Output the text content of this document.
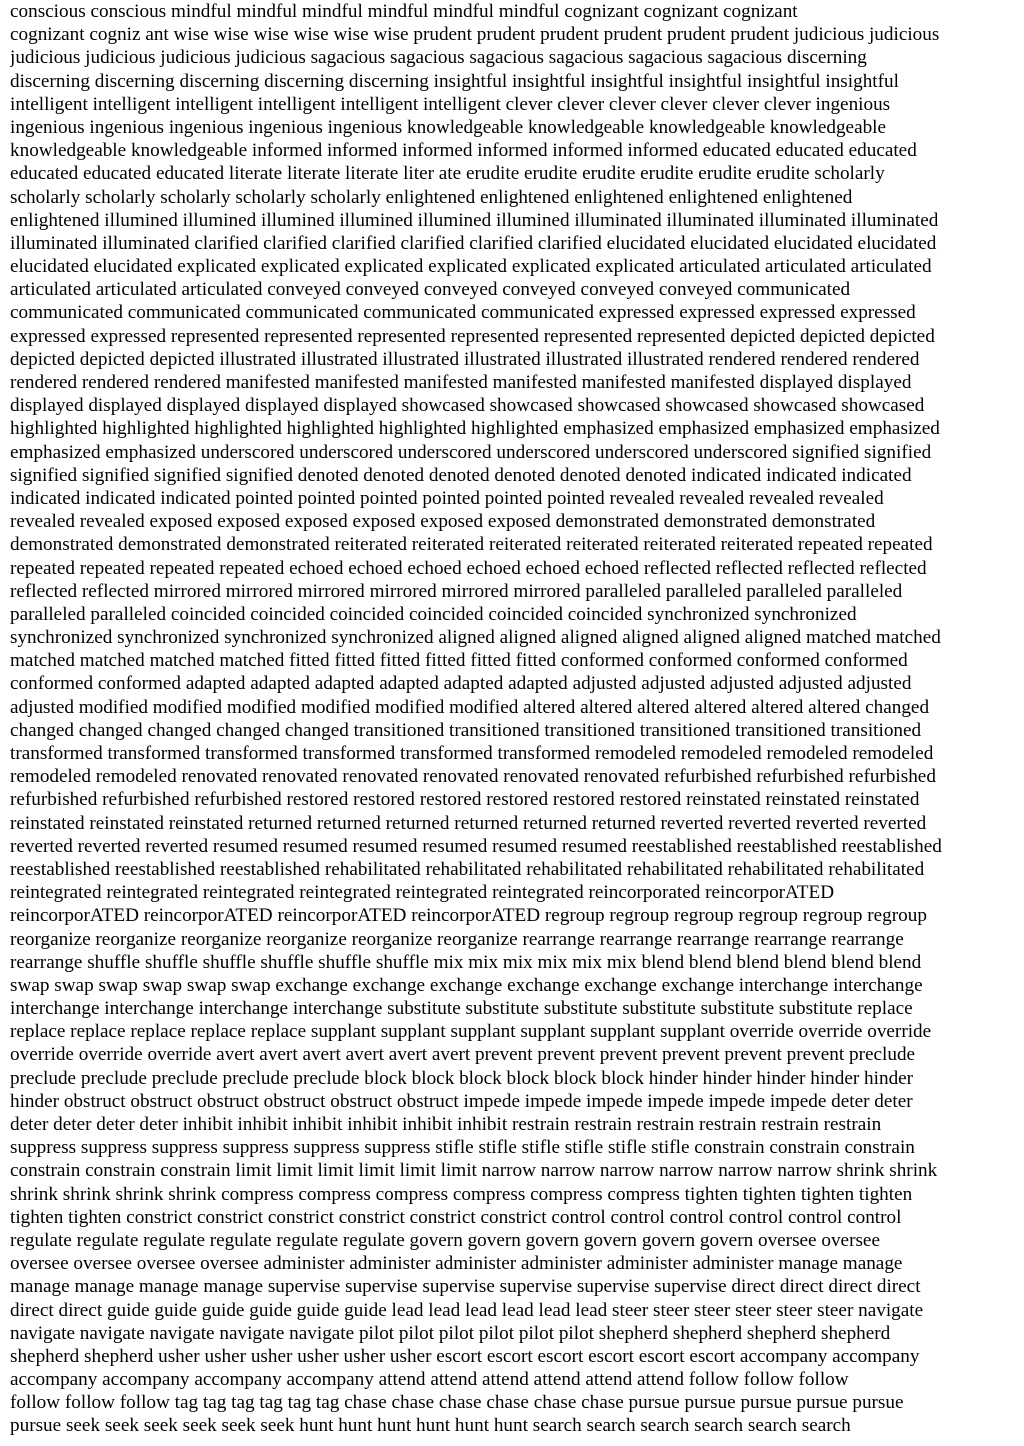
conscious conscious mindful mindful mindful mindful mindful mindful cognizant cognizant cognizant
cognizant cogniz ant wise wise wise wise wise wise prudent prudent prudent prudent prudent prudent judicious judicious
judicious judicious judicious judicious sagacious sagacious sagacious sagacious sagacious sagacious discerning
discerning discerning discerning discerning discerning insightful insightful insightful insightful insightful insightful
intelligent intelligent intelligent intelligent intelligent intelligent clever clever clever clever clever clever ingenious
ingenious ingenious ingenious ingenious ingenious knowledgeable knowledgeable knowledgeable knowledgeable
knowledgeable knowledgeable informed informed informed informed informed informed educated educated educated
educated educated educated literate literate literate liter ate erudite erudite erudite erudite erudite erudite scholarly
scholarly scholarly scholarly scholarly scholarly enlightened enlightened enlightened enlightened enlightened
enlightened illumined illumined illumined illumined illumined illumined illuminated illuminated illuminated illuminated
illuminated illuminated clarified clarified clarified clarified clarified clarified elucidated elucidated elucidated elucidated
elucidated elucidated explicated explicated explicated explicated explicated explicated articulated articulated articulated
articulated articulated articulated conveyed conveyed conveyed conveyed conveyed conveyed communicated
communicated communicated communicated communicated communicated expressed expressed expressed expressed
expressed expressed represented represented represented represented represented represented depicted depicted depicted
depicted depicted depicted illustrated illustrated illustrated illustrated illustrated illustrated rendered rendered rendered
rendered rendered rendered manifested manifested manifested manifested manifested manifested displayed displayed
displayed displayed displayed displayed displayed showcased showcased showcased showcased showcased showcased
highlighted highlighted highlighted highlighted highlighted highlighted emphasized emphasized emphasized emphasized
emphasized emphasized underscored underscored underscored underscored underscored underscored signified signified
signified signified signified signified denoted denoted denoted denoted denoted denoted indicated indicated indicated
indicated indicated indicated pointed pointed pointed pointed pointed pointed revealed revealed revealed revealed
revealed revealed exposed exposed exposed exposed exposed exposed demonstrated demonstrated demonstrated
demonstrated demonstrated demonstrated reiterated reiterated reiterated reiterated reiterated reiterated repeated repeated
repeated repeated repeated repeated echoed echoed echoed echoed echoed echoed reflected reflected reflected reflected
reflected reflected mirrored mirrored mirrored mirrored mirrored mirrored paralleled paralleled paralleled paralleled
paralleled paralleled coincided coincided coincided coincided coincided coincided synchronized synchronized
synchronized synchronized synchronized synchronized aligned aligned aligned aligned aligned aligned matched matched
matched matched matched matched fitted fitted fitted fitted fitted fitted conformed conformed conformed conformed
conformed conformed adapted adapted adapted adapted adapted adapted adjusted adjusted adjusted adjusted adjusted
adjusted modified modified modified modified modified modified altered altered altered altered altered altered changed
changed changed changed changed changed transitioned transitioned transitioned transitioned transitioned transitioned
transformed transformed transformed transformed transformed transformed remodeled remodeled remodeled remodeled
remodeled remodeled renovated renovated renovated renovated renovated renovated refurbished refurbished refurbished
refurbished refurbished refurbished restored restored restored restored restored restored reinstated reinstated reinstated
reinstated reinstated reinstated returned returned returned returned returned returned reverted reverted reverted reverted
reverted reverted reverted resumed resumed resumed resumed resumed resumed reestablished reestablished reestablished
reestablished reestablished reestablished rehabilitated rehabilitated rehabilitated rehabilitated rehabilitated rehabilitated
reintegrated reintegrated reintegrated reintegrated reintegrated reintegrated reincorporated reincorporATED
reincorporATED reincorporATED reincorporATED reincorporATED regroup regroup regroup regroup regroup regroup
reorganize reorganize reorganize reorganize reorganize reorganize rearrange rearrange rearrange rearrange rearrange
rearrange shuffle shuffle shuffle shuffle shuffle shuffle mix mix mix mix mix mix blend blend blend blend blend blend
swap swap swap swap swap swap exchange exchange exchange exchange exchange exchange interchange interchange
interchange interchange interchange interchange substitute substitute substitute substitute substitute substitute replace
replace replace replace replace replace supplant supplant supplant supplant supplant supplant override override override
override override override avert avert avert avert avert avert prevent prevent prevent prevent prevent prevent preclude
preclude preclude preclude preclude preclude block block block block block block hinder hinder hinder hinder hinder
hinder obstruct obstruct obstruct obstruct obstruct obstruct impede impede impede impede impede impede deter deter
deter deter deter deter inhibit inhibit inhibit inhibit inhibit inhibit restrain restrain restrain restrain restrain restrain
suppress suppress suppress suppress suppress suppress stifle stifle stifle stifle stifle stifle constrain constrain constrain
constrain constrain constrain limit limit limit limit limit limit narrow narrow narrow narrow narrow narrow shrink shrink
shrink shrink shrink shrink compress compress compress compress compress compress tighten tighten tighten tighten
tighten tighten constrict constrict constrict constrict constrict constrict control control control control control control
regulate regulate regulate regulate regulate regulate govern govern govern govern govern govern oversee oversee
oversee oversee oversee oversee administer administer administer administer administer administer manage manage
manage manage manage manage supervise supervise supervise supervise supervise supervise direct direct direct direct
direct direct guide guide guide guide guide guide lead lead lead lead lead lead steer steer steer steer steer steer navigate
navigate navigate navigate navigate navigate pilot pilot pilot pilot pilot pilot shepherd shepherd shepherd shepherd
shepherd shepherd usher usher usher usher usher usher escort escort escort escort escort escort accompany accompany
accompany accompany accompany accompany attend attend attend attend attend attend follow follow follow
follow follow follow tag tag tag tag tag tag chase chase chase chase chase chase pursue pursue pursue pursue pursue
pursue seek seek seek seek seek seek hunt hunt hunt hunt hunt hunt search search search search search search
